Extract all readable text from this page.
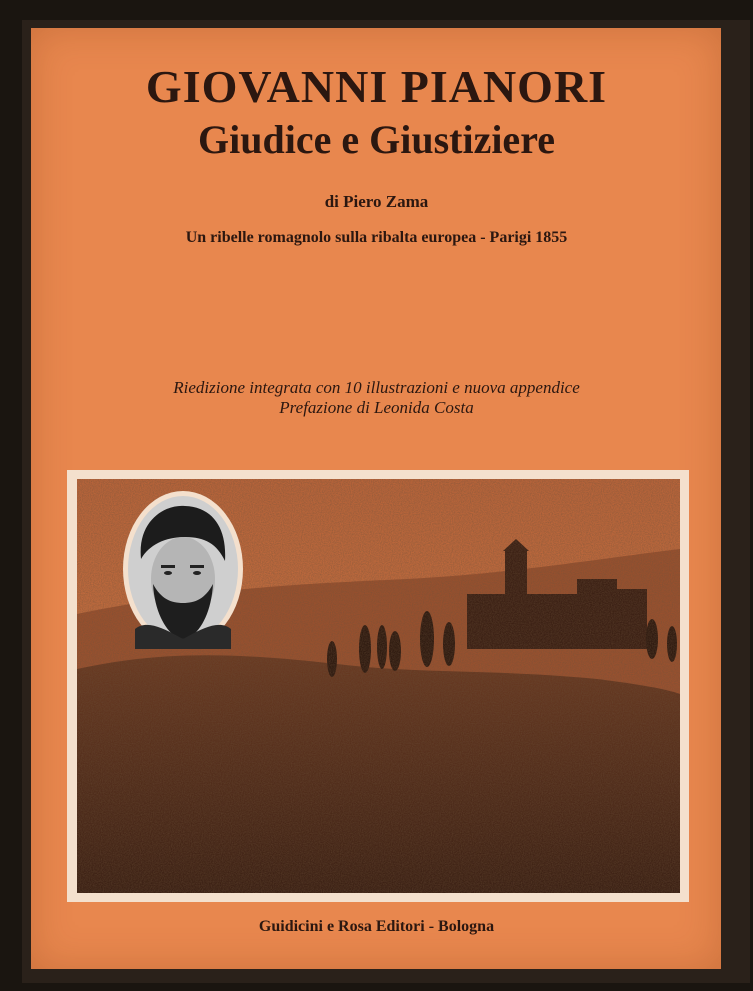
GIOVANNI PIANORI
Giudice e Giustiziere
di Piero Zama
Un ribelle romagnolo sulla ribalta europea - Parigi 1855
Riedizione integrata con 10 illustrazioni e nuova appendice
Prefazione di Leonida Costa
Guidicini e Rosa Editori - Bologna
